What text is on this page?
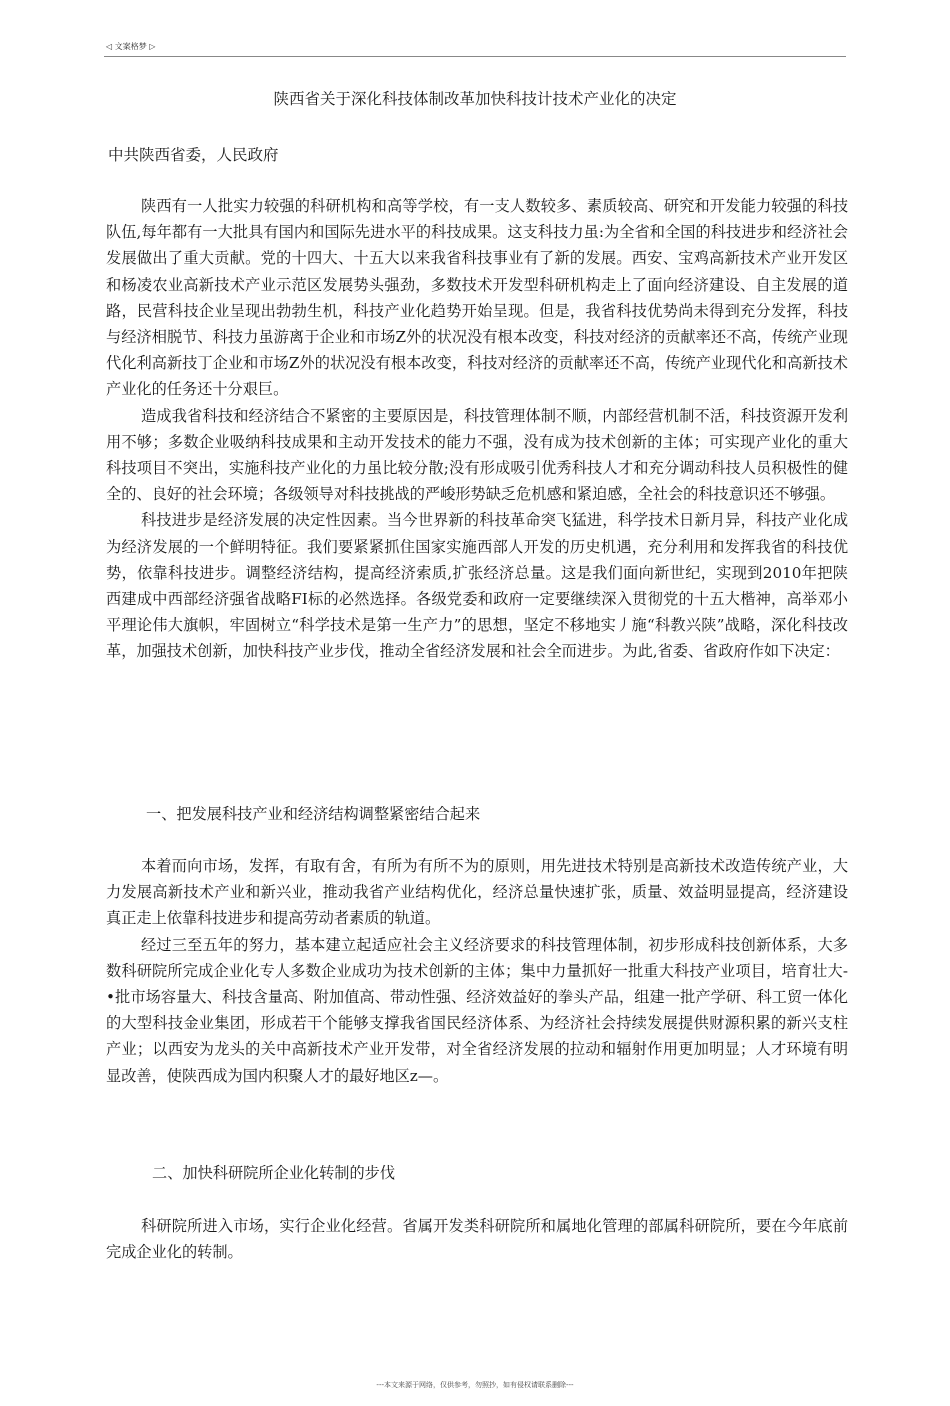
◁ 文案格梦 ▷
陕西省关于深化科技体制改革加快科技计技术产业化的决定
中共陕西省委，人民政府

陕西有一人批实力较强的科研机构和高等学校，有一支人数较多、素质较高、研究和开发能力较强的科技队伍,每年都有一大批具有国内和国际先进水平的科技成果。这支科技力虽:为全省和全国的科技进步和经济社会发展做出了重大贡献。党的十四大、十五大以来我省科技事业有了新的发展。西安、宝鸡高新技术产业开发区和杨凌农业高新技术产业示范区发展势头强劲，多数技术开发型科研机构走上了面向经济建设、自主发展的道路，民营科技企业呈现出勃勃生机，科技产业化趋势开始呈现。但是，我省科技优势尚未得到充分发挥，科技与经济相脱节、科技力虽游离于企业和市场Z外的状况没有根本改变，科技对经济的贡献率还不高，传统产业现代化利高新技丁企业和市场Z外的状况没有根本改变，科技对经济的贡献率还不高，传统产业现代化和高新技术产业化的任务还十分艰巨。

造成我省科技和经济结合不紧密的主要原因是，科技管理体制不顺，内部经营机制不活，科技资源开发利用不够；多数企业吸纳科技成果和主动开发技术的能力不强，没有成为技术创新的主体；可实现产业化的重大科技项目不突出，实施科技产业化的力虽比较分散;没有形成吸引优秀科技人才和充分调动科技人员积极性的健全的、良好的社会环境；各级领导对科技挑战的严峻形势缺乏危机感和紧迫感，全社会的科技意识还不够强。

科技进步是经济发展的决定性因素。当今世界新的科技革命突飞猛进，科学技术日新月异，科技产业化成为经济发展的一个鲜明特征。我们要紧紧抓住国家实施西部人开发的历史机遇，充分利用和发挥我省的科技优势，依靠科技进步。调整经济结构，提高经济索质,扩张经济总量。这是我们面向新世纪，实现到2010年把陕西建成中西部经济强省战略FI标的必然选择。各级党委和政府一定要继续深入贯彻党的十五大楷神，高举邓小平理论伟大旗帜，牢固树立“科学技术是第一生产力”的思想，坚定不移地实丿施“科教兴陕”战略，深化科技改革，加强技术创新，加快科技产业步伐，推动全省经济发展和社会全而进步。为此,省委、省政府作如下决定：

一、把发展科技产业和经济结构调整紧密结合起来

本着而向市场，发挥，有取有舍，有所为有所不为的原则，用先进技术特别是高新技术改造传统产业，大力发展高新技术产业和新兴业，推动我省产业结构优化，经济总量快速扩张，质量、效益明显提高，经济建设真正走上依靠科技进步和提高劳动者素质的轨道。

经过三至五年的努力，基本建立起适应社会主义经济要求的科技管理体制，初步形成科技创新体系，大多数科研院所完成企业化专人多数企业成功为技术创新的主体；集中力量抓好一批重大科技产业项目，培育壮大-•批市场容量大、科技含量高、附加值高、带动性强、经济效益好的拳头产品，组建一批产学研、科工贸一体化的大型科技金业集团，形成若干个能够支撑我省国民经济体系、为经济社会持续发展提供财源积累的新兴支柱产业；以西安为龙头的关中高新技术产业开发带，对全省经济发展的拉动和辐射作用更加明显；人才环境有明显改善，使陕西成为国内积聚人才的最好地区z—。

二、加快科研院所企业化转制的步伐

科研院所进入市场，实行企业化经营。省属开发类科研院所和属地化管理的部属科研院所，要在今年底前完成企业化的转制。

---本文来源于网络，仅供参考，勿照抄，如有侵权请联系删除---
